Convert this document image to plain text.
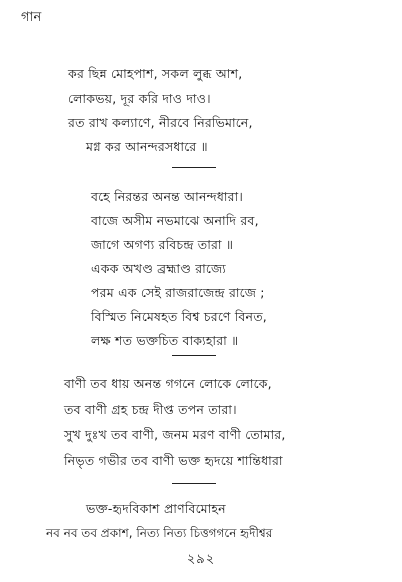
গান
কর ছিন্ন মোহপাশ, সকল লুব্ধ আশ,
লোকভয়, দূর করি দাও দাও।
রত রাখ কল্যাণে, নীরবে নিরভিমানে,
মগ্ন কর আনন্দরসধারে ॥
বহে নিরন্তর অনন্ত আনন্দধারা।
বাজে অসীম নভমাঝে অনাদি রব,
জাগে অগণ্য রবিচন্দ্র তারা ॥
একক অখণ্ড ব্রহ্মাণ্ড রাজ্যে
পরম এক সেই রাজরাজেন্দ্র রাজে ;
বিস্মিত নিমেষহত বিশ্ব চরণে বিনত,
লক্ষ শত ভক্তচিত বাক্যহারা ॥
বাণী তব ধায় অনন্ত গগনে লোকে লোকে,
তব বাণী গ্রহ চন্দ্র দীপ্ত তপন তারা।
সুখ দুঃখ তব বাণী, জনম মরণ বাণী তোমার,
নিভৃত গভীর তব বাণী ভক্ত হৃদয়ে শান্তিধারা
ভক্ত-হৃদবিকাশ প্রাণবিমোহন
নব নব তব প্রকাশ, নিত্য নিত্য চিত্তগগনে হৃদীশ্বর
২৯২
